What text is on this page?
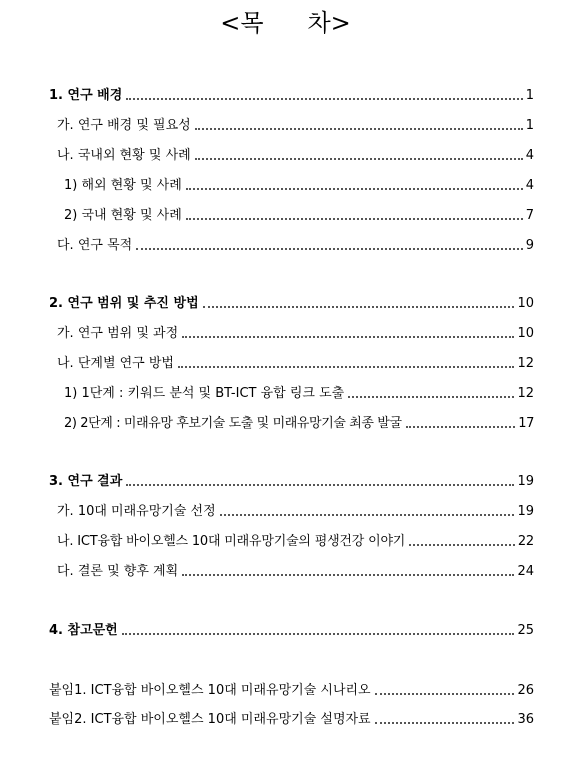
<목 차>
1. 연구 배경	1
가. 연구 배경 및 필요성	1
나. 국내외 현황 및 사례	4
1) 해외 현황 및 사례	4
2) 국내 현황 및 사례	7
다. 연구 목적	9
2. 연구 범위 및 추진 방법	10
가. 연구 범위 및 과정	10
나. 단계별 연구 방법	12
1) 1단계 : 키워드 분석 및 BT-ICT 융합 링크 도출	12
2) 2단계 : 미래유망 후보기술 도출 및 미래유망기술 최종 발굴	17
3. 연구 결과	19
가. 10대 미래유망기술 선정	19
나. ICT융합 바이오헬스 10대 미래유망기술의 평생건강 이야기	22
다. 결론 및 향후 계획	24
4. 참고문헌	25
붙임1. ICT융합 바이오헬스 10대 미래유망기술 시나리오	26
붙임2. ICT융합 바이오헬스 10대 미래유망기술 설명자료	36
